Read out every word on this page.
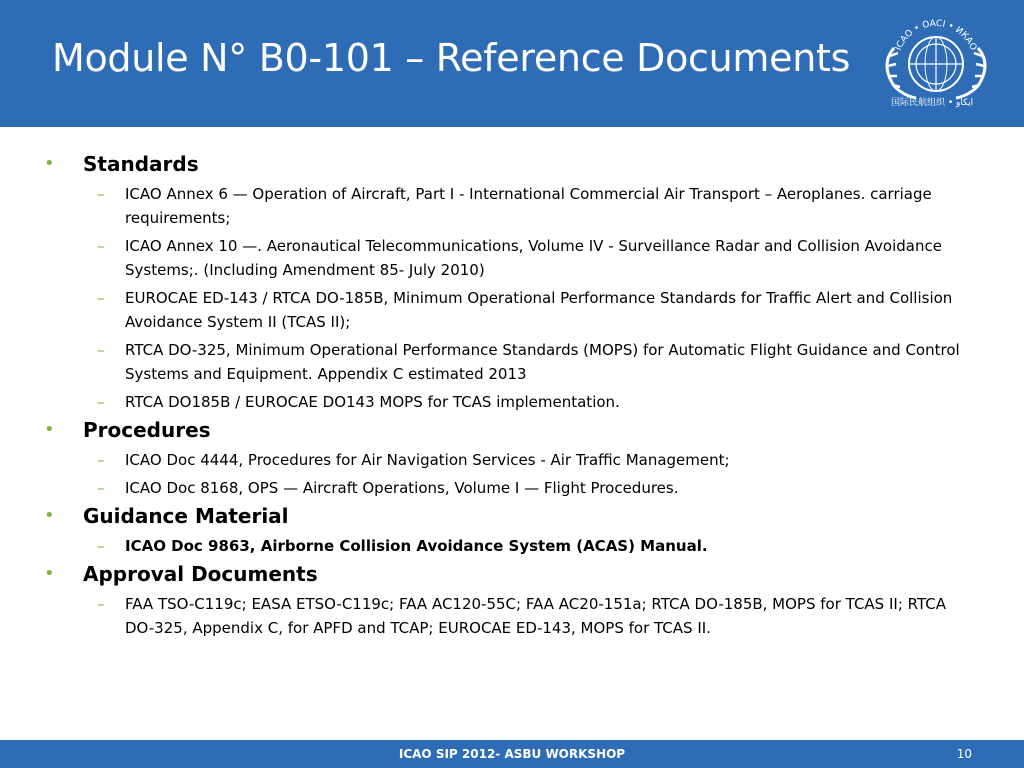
Module N° B0-101 – Reference Documents	ICAO • OACI • ИКАО
国际民航组织 • ﺍﻳﻜﺎﻭ
•	Standards
–	ICAO Annex 6 — Operation of Aircraft, Part I - International Commercial Air Transport – Aeroplanes. carriage requirements;
–	ICAO Annex 10 —. Aeronautical Telecommunications, Volume IV - Surveillance Radar and Collision Avoidance Systems;. (Including Amendment 85- July 2010)
–	EUROCAE ED-143 / RTCA DO-185B, Minimum Operational Performance Standards for Traffic Alert and Collision Avoidance System II (TCAS II);
–	RTCA DO-325, Minimum Operational Performance Standards (MOPS) for Automatic Flight Guidance and Control Systems and Equipment. Appendix C estimated 2013
–	RTCA DO185B / EUROCAE DO143 MOPS for TCAS implementation.
•	Procedures
–	ICAO Doc 4444, Procedures for Air Navigation Services - Air Traffic Management;
–	ICAO Doc 8168, OPS — Aircraft Operations, Volume I — Flight Procedures.
•	Guidance Material
–	ICAO Doc 9863, Airborne Collision Avoidance System (ACAS) Manual.
•	Approval Documents
–	FAA TSO-C119c; EASA ETSO-C119c; FAA AC120-55C; FAA AC20-151a; RTCA DO-185B, MOPS for TCAS II; RTCA DO-325, Appendix C, for APFD and TCAP; EUROCAE ED-143, MOPS for TCAS II.
ICAO SIP 2012- ASBU WORKSHOP	10
